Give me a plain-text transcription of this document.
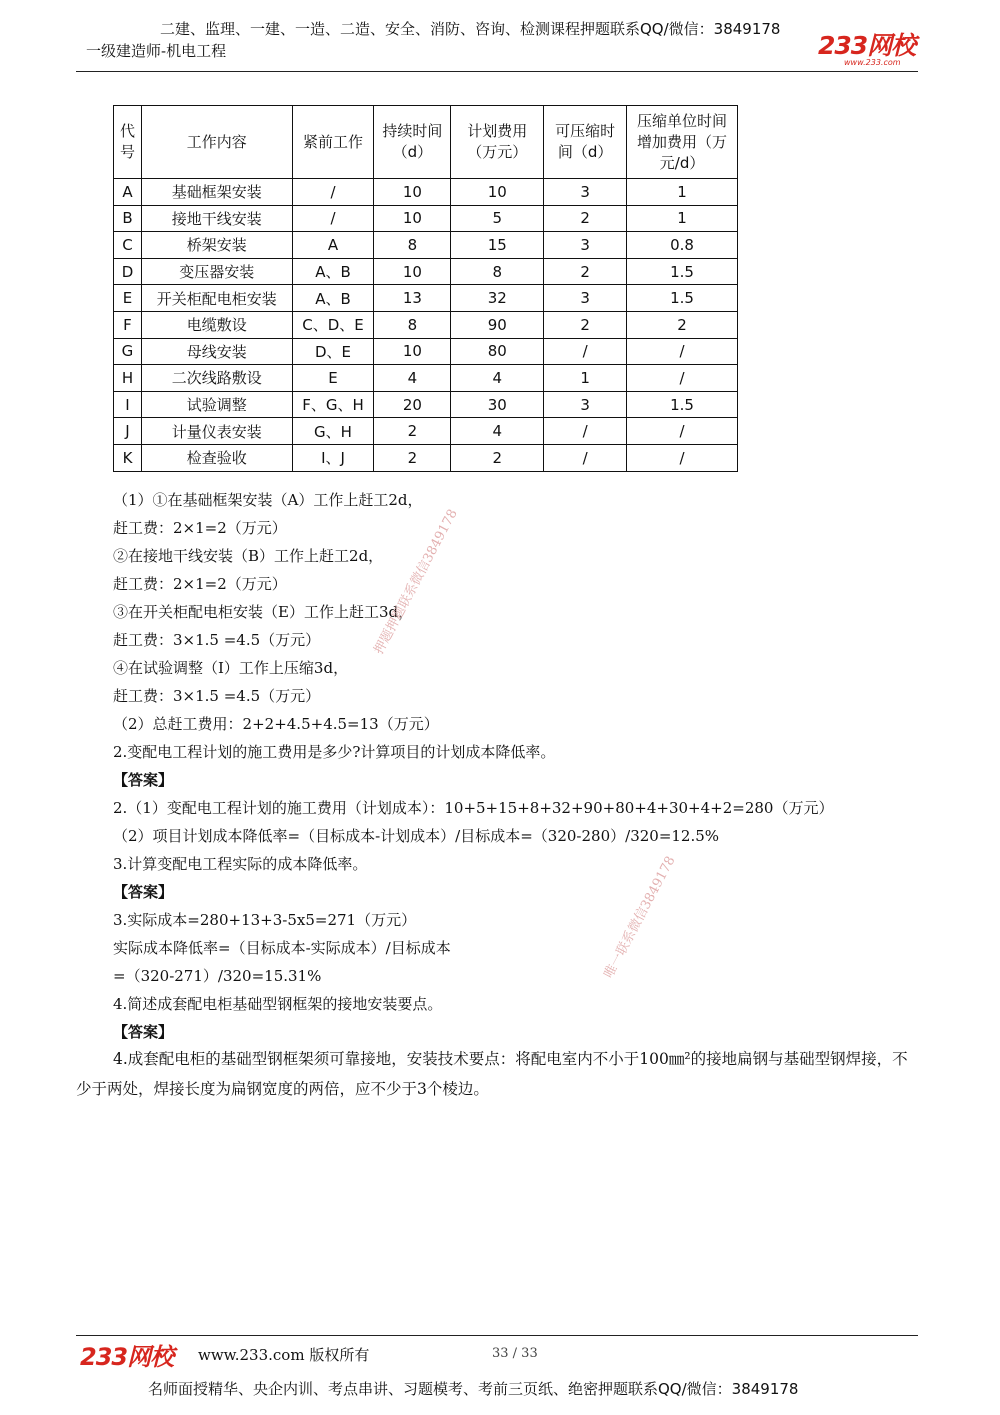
二建、监理、一建、一造、二造、安全、消防、咨询、检测课程押题联系QQ/微信：3849178
一级建造师-机电工程	233网校
www.233.com
代号	工作内容	紧前工作	持续时间（d）	计划费用（万元）	可压缩时间（d）	压缩单位时间增加费用（万元/d）
A	基础框架安装	/	10	10	3	1
B	接地干线安装	/	10	5	2	1
C	桥架安装	A	8	15	3	0.8
D	变压器安装	A、B	10	8	2	1.5
E	开关柜配电柜安装	A、B	13	32	3	1.5
F	电缆敷设	C、D、E	8	90	2	2
G	母线安装	D、E	10	80	/	/
H	二次线路敷设	E	4	4	1	/
I	试验调整	F、G、H	20	30	3	1.5
J	计量仪表安装	G、H	2	4	/	/
K	检查验收	I、J	2	2	/	/
（1）①在基础框架安装（A）工作上赶工2d，
赶工费：2×1=2（万元）
②在接地干线安装（B）工作上赶工2d，
赶工费：2×1=2（万元）
③在开关柜配电柜安装（E）工作上赶工3d，
赶工费：3×1.5 =4.5（万元）
④在试验调整（I）工作上压缩3d，
赶工费：3×1.5 =4.5（万元）
（2）总赶工费用：2+2+4.5+4.5=13（万元）
2.变配电工程计划的施工费用是多少?计算项目的计划成本降低率。
【答案】
2.（1）变配电工程计划的施工费用（计划成本）：10+5+15+8+32+90+80+4+30+4+2=280（万元）
（2）项目计划成本降低率=（目标成本-计划成本）/目标成本=（320-280）/320=12.5%
3.计算变配电工程实际的成本降低率。
【答案】
3.实际成本=280+13+3-5x5=271（万元）
实际成本降低率=（目标成本-实际成本）/目标成本
=（320-271）/320=15.31%
4.简述成套配电柜基础型钢框架的接地安装要点。
【答案】
4.成套配电柜的基础型钢框架须可靠接地，安装技术要点：将配电室内不小于100㎜²的接地扁钢与基础型钢焊接，不少于两处，焊接长度为扁钢宽度的两倍，应不少于3个棱边。
押题押题联系微信3849178
唯一联系微信3849178
233网校 www.233.com 版权所有	33 / 33
名师面授精华、央企内训、考点串讲、习题模考、考前三页纸、绝密押题联系QQ/微信：3849178
